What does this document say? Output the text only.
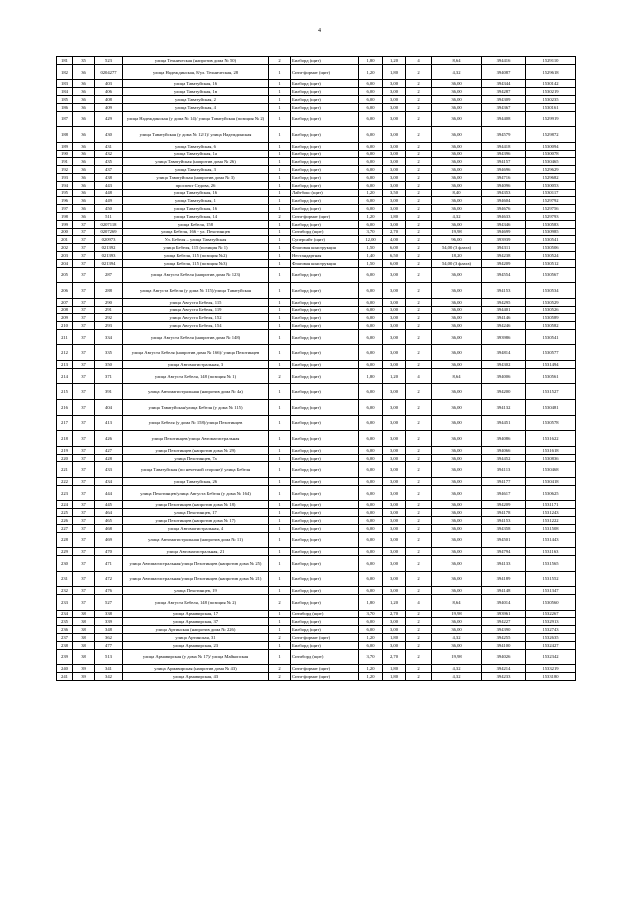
4
181	35	523	улица Техническая (напротив дома № 50)	2	Билборд (щит)	1,80	1,20	4	8,64	394416	1529110
182	36	0204277	улица Надеждинская, 8/ул. Техническая, 28	1	Сити-формат (щит)	1,20	1,80	2	4,32	394087	1529618
183	36	403	улица Таватуйская, 16	1	Билборд (щит)	6,00	3,00	2	36,00	394344	1530142
184	36	406	улица Таватуйская, 1в	1	Билборд (щит)	6,00	3,00	2	36,00	394287	1530219
185	36	408	улица Таватуйская, 2	1	Билборд (щит)	6,00	3,00	2	36,00	394309	1530235
186	36	409	улица Таватуйская, 4	1	Билборд (щит)	6,00	3,00	2	36,00	394367	1530161
187	36	429	улица Надеждинская (у дома № 14)/ улица Таватуйская (позиция № 2)	1	Билборд (щит)	6,00	3,00	2	36,00	394408	1529919
188	36	430	улица Таватуйская (у дома № 12/1)/ улица Надеждинская	1	Билборд (щит)	6,00	3,00	2	36,00	394579	1529872
189	36	431	улица Таватуйская, 6	1	Билборд (щит)	6,00	3,00	2	36,00	394418	1530094
190	36	432	улица Таватуйская, 1а	1	Билборд (щит)	6,00	3,00	2	36,00	394396	1530078
191	36	435	улица Таватуйская (напротив дома № 26)	1	Билборд (щит)	6,00	3,00	2	36,00	394157	1530465
192	36	437	улица Таватуйская, 3	1	Билборд (щит)	6,00	3,00	2	36,00	394696	1529629
193	36	438	улица Таватуйская (напротив дома № 3)	1	Билборд (щит)	6,00	3,00	2	36,00	394716	1529682
194	36	443	проспект Седова, 26	1	Билборд (щит)	6,00	3,00	2	36,00	394096	1530053
195	36	448	улица Таватуйская, 16	1	Лайтбокс (щит)	1,20	3,50	2	8,40	394353	1530117
196	36	449	улица Таватуйская, 1	1	Билборд (щит)	6,00	3,00	2	36,00	394604	1529792
197	36	450	улица Таватуйская, 16	1	Билборд (щит)	6,00	3,00	2	36,00	394676	1529756
198	36	511	улица Таватуйская, 14	2	Сити-формат (щит)	1,20	1,80	2	4,32	394633	1529793
199	37	0207118	улица Бебеля, 158	1	Билборд (щит)	6,00	3,00	2	36,00	394346	1530583
200	37	0207269	улица Бебеля, 166 - ул. Пехотинцев	1	Ситиборд (щит)	3,70	2,70	2	19,98	394699	1530985
201	37	020973	Ул. Бебеля – улица Таватуйская	1	Суперсайт (щит)	12,00	4,00	2	96,00	393939	1530541
202	37	021392	улица Бебеля, 115 (позиция № 1)	1	Флаговая конструкция	1,50	6,00	2	54,00 (3 флага)	394311	1530506
203	37	021393	улица Бебеля, 115 (позиция №2)	1	Нестандартная	1,40	6,50	2	18,20	394238	1530524
204	37	021394	улица Бебеля, 115 (позиция №3)	1	Флаговая конструкция	1,50	6,00	2	54,00 (3 флага)	394209	1530512
205	37	287	улица Августа Бебеля (напротив дома № 123)	1	Билборд (щит)	6,00	3,00	2	36,00	394554	1530567
206	37	288	улица Августа Бебеля (у дома № 115)/улица Таватуйская	1	Билборд (щит)	6,00	3,00	2	36,00	394153	1530534
207	37	290	улица Августа Бебеля, 115	1	Билборд (щит)	6,00	3,00	2	36,00	394295	1530529
208	37	291	улица Августа Бебеля, 119	1	Билборд (щит)	6,00	3,00	2	36,00	394401	1530526
209	37	292	улица Августа Бебеля, 152	1	Билборд (щит)	6,00	3,00	2	36,00	394146	1530589
210	37	293	улица Августа Бебеля, 154	1	Билборд (щит)	6,00	3,00	2	36,00	394246	1530582
211	37	334	улица Августа Бебеля (напротив дома № 148)	1	Билборд (щит)	6,00	3,00	2	36,00	393986	1530541
212	37	335	улица Августа Бебеля (напротив дома № 166)/ улица Пехотинцев	1	Билборд (щит)	6,00	3,00	2	36,00	394814	1530577
213	37	350	улица Автомагистральная, 3	1	Билборд (щит)	6,00	3,00	2	36,00	394302	1531494
214	37	371	улица Августа Бебеля, 148 (позиция № 1)	2	Билборд (щит)	1,80	1,20	4	8,64	394006	1530561
215	37	391	улица Автомагистральная (напротив дома № 4а)	1	Билборд (щит)	6,00	3,00	2	36,00	394200	1531527
216	37	404	улица Таватуйская/улица Бебеля (у дома № 115)	1	Билборд (щит)	6,00	3,00	2	36,00	394132	1530481
217	37	413	улица Бебеля (у дома № 158)/улица Пехотинцев	1	Билборд (щит)	6,00	3,00	2	36,00	394451	1530578
218	37	426	улица Пехотинцев/улица Автомагистральная	1	Билборд (щит)	6,00	3,00	2	36,00	394086	1531622
219	37	427	улица Пехотинцев (напротив дома № 29)	1	Билборд (щит)	6,00	3,00	2	36,00	394066	1531618
220	37	428	улица Пехотинцев, 7а	1	Билборд (щит)	6,00	3,00	2	36,00	394452	1530836
221	37	433	улица Таватуйская (по нечетной стороне)/ улица Бебеля	1	Билборд (щит)	6,00	3,00	2	36,00	394113	1530468
222	37	434	улица Таватуйская, 26	1	Билборд (щит)	6,00	3,00	2	36,00	394177	1530418
223	37	444	улица Пехотинцев/улица Августа Бебеля (у дома № 164)	1	Билборд (щит)	6,00	3,00	2	36,00	394617	1530625
224	37	445	улица Пехотинцев (напротив дома № 18)	1	Билборд (щит)	6,00	3,00	2	36,00	394209	1531171
225	37	464	улица Пехотинцев, 17	1	Билборд (щит)	6,00	3,00	2	36,00	394178	1531243
226	37	465	улица Пехотинцев (напротив дома № 17)	1	Билборд (щит)	6,00	3,00	2	36,00	394153	1531222
227	37	468	улица Автомагистральная, 4	1	Билборд (щит)	6,00	3,00	2	36,00	394358	1531508
228	37	469	улица Автомагистральная (напротив дома № 11)	1	Билборд (щит)	6,00	3,00	2	36,00	394501	1531443
229	37	470	улица Автомагистральная, 21	1	Билборд (щит)	6,00	3,00	2	36,00	394794	1531163
230	37	471	улица Автомагистральная/улица Пехотинцев (напротив дома № 25)	1	Билборд (щит)	6,00	3,00	2	36,00	394133	1531565
231	37	472	улица Автомагистральная/улица Пехотинцев (напротив дома № 21)	1	Билборд (щит)	6,00	3,00	2	36,00	394189	1531552
232	37	476	улица Пехотинцев, 19	1	Билборд (щит)	6,00	3,00	2	36,00	394148	1531347
233	37	527	улица Августа Бебеля, 148 (позиция № 2)	2	Билборд (щит)	1,80	1,20	4	8,64	394014	1530560
234	38	338	улица Армавирская, 17	1	Ситиборд (щит)	3,70	2,70	2	19,98	393961	1532267
235	38	339	улица Армавирская, 37	1	Билборд (щит)	6,00	3,00	2	36,00	394227	1532913
236	38	348	улица Артинская (напротив дома № 226)	1	Билборд (щит)	6,00	3,00	2	36,00	394390	1532743
237	38	362	улица Артинская, 31	2	Сити-формат (щит)	1,20	1,80	2	4,32	394255	1532635
238	38	477	улица Армавирская, 23	1	Билборд (щит)	6,00	3,00	2	36,00	394100	1532427
239	38	513	улица Армавирская (у дома № 17)/ улица Майкопская	1	Ситиборд (щит)	3,70	2,70	2	19,98	394026	1532342
240	39	341	улица Армавирская (напротив дома № 43)	2	Сити-формат (щит)	1,20	1,80	2	4,32	394214	1533219
241	39	342	улица Армавирская, 43	2	Сити-формат (щит)	1,20	1,80	2	4,32	394233	1533180
